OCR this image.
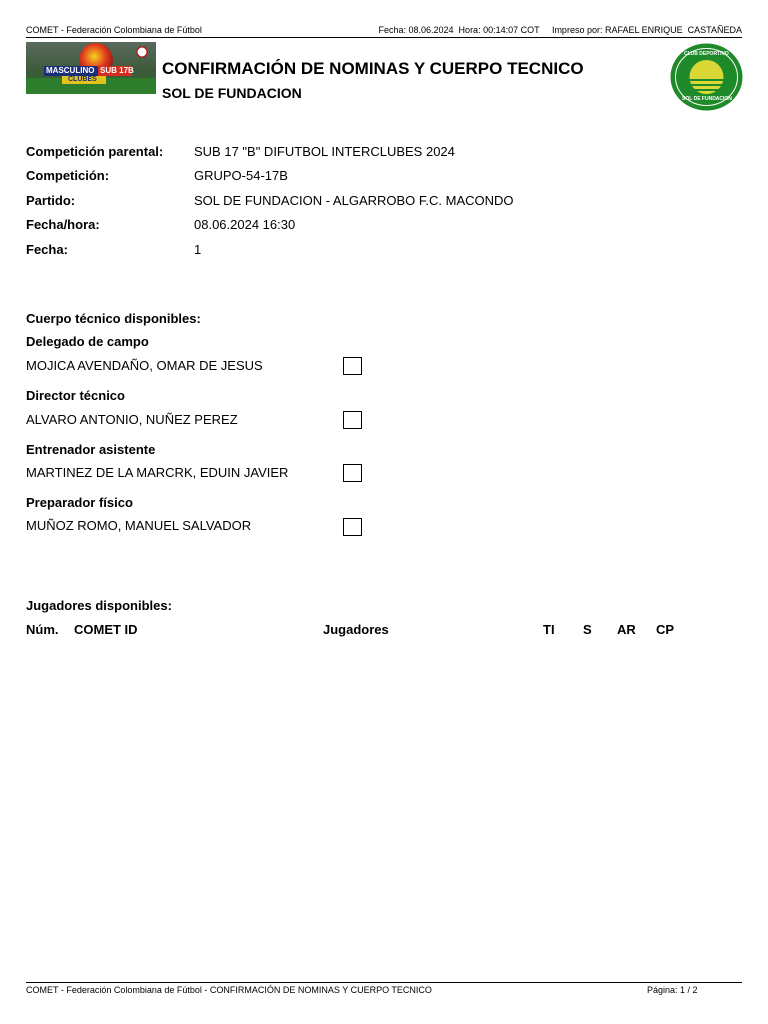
COMET - Federación Colombiana de Fútbol	Fecha: 08.06.2024  Hora: 00:14:07 COT     Impreso por: RAFAEL ENRIQUE  CASTAÑEDA
MASCULINO SUB 17B
CLUBES
CONFIRMACIÓN DE NOMINAS Y CUERPO TECNICO
SOL DE FUNDACION
CLUB DEPORTIVO
SOL DE FUNDACION
Competición parental: SUB 17 "B" DIFUTBOL INTERCLUBES 2024
Competición:	GRUPO-54-17B
Partido:	SOL DE FUNDACION - ALGARROBO F.C. MACONDO
Fecha/hora:	08.06.2024 16:30
Fecha:	1
Cuerpo técnico disponibles:
Delegado de campo
MOJICA AVENDAÑO, OMAR DE JESUS
Director técnico
ALVARO ANTONIO, NUÑEZ PEREZ
Entrenador asistente
MARTINEZ DE LA MARCRK, EDUIN JAVIER
Preparador físico
MUÑOZ ROMO, MANUEL SALVADOR
Jugadores disponibles:
Núm. COMET ID	Jugadores	TI S AR CP
COMET - Federación Colombiana de Fútbol - CONFIRMACIÓN DE NOMINAS Y CUERPO TECNICO	Página: 1 / 2
